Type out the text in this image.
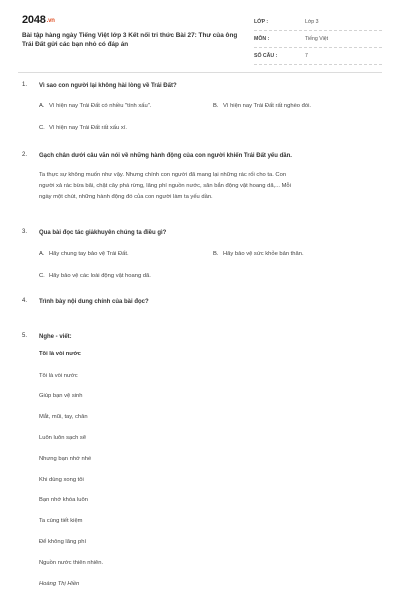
2048.vn
Bài tập hàng ngày Tiếng Việt lớp 3 Kết nối tri thức Bài 27: Thư của ông Trái Đất gửi các bạn nhỏ có đáp án
LỚP :	Lớp 3
MÔN :	Tiếng Việt
SỐ CÂU :	7
1. Vì sao con người lại không hài lòng về Trái Đất?
A. Vì hiện nay Trái Đất có nhiều "tính xấu".	B. Vì hiện nay Trái Đất rất nghèo đói.
C. Vì hiện nay Trái Đất rất xấu xí.
2. Gạch chân dưới câu văn nói về những hành động của con người khiến Trái Đất yếu dần.
Ta thực sự không muốn như vậy. Nhưng chính con người đã mang lại những rác rối cho ta. Con
người xả rác bừa bãi, chặt cây phá rừng, lãng phí nguồn nước, săn bắn động vật hoang dã,... Mỗi
ngày một chút, những hành động đó của con người làm ta yếu dần.
3. Qua bài đọc tác giảkhuyên chúng ta điều gì?
A. Hãy chung tay bảo vệ Trái Đất.	B. Hãy bảo vệ sức khỏe bản thân.
C. Hãy bảo vệ các loài động vật hoang dã.
4. Trình bày nội dung chính của bài đọc?
5. Nghe - viết:
Tôi là vòi nước
Tôi là vòi nước
Giúp bạn vệ sinh
Mắt, mũi, tay, chân
Luôn luôn sạch sẽ
Nhưng bạn nhớ nhé
Khi dùng xong tôi
Bạn nhớ khóa luôn
Ta cùng tiết kiệm
Để không lãng phí
Nguồn nước thiên nhiên.
Hoàng Thị Hiền
